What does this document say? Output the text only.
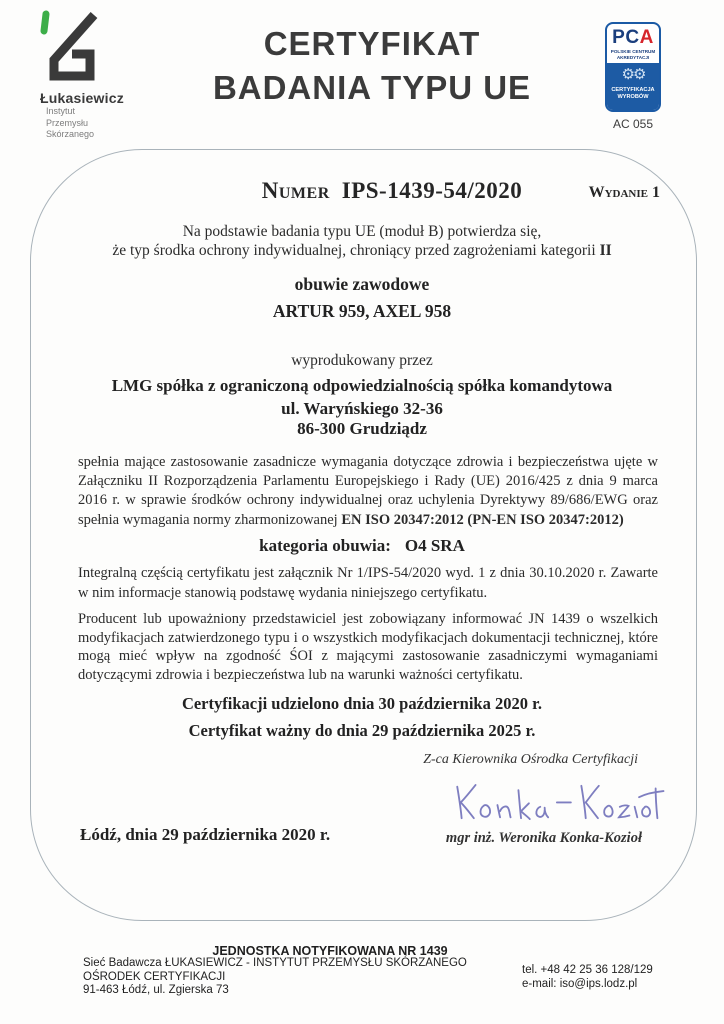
Łukasiewicz
Instytut
Przemysłu
Skórzanego
CERTYFIKAT
BADANIA TYPU UE
PCA
POLSKIE CENTRUM
AKREDYTACJI
⚙⚙
CERTYFIKACJA
WYROBÓW
AC 055
Numer IPS-1439-54/2020	Wydanie 1
Na podstawie badania typu UE (moduł B) potwierdza się,
że typ środka ochrony indywidualnej, chroniący przed zagrożeniami kategorii II
obuwie zawodowe
ARTUR 959, AXEL 958
wyprodukowany przez
LMG spółka z ograniczoną odpowiedzialnością spółka komandytowa
ul. Waryńskiego 32-36
86-300 Grudziądz
spełnia mające zastosowanie zasadnicze wymagania dotyczące zdrowia i bezpieczeństwa ujęte w Załączniku II Rozporządzenia Parlamentu Europejskiego i Rady (UE) 2016/425 z dnia 9 marca 2016 r. w sprawie środków ochrony indywidualnej oraz uchylenia Dyrektywy 89/686/EWG oraz spełnia wymagania normy zharmonizowanej EN ISO 20347:2012 (PN-EN ISO 20347:2012)
kategoria obuwia: O4 SRA
Integralną częścią certyfikatu jest załącznik Nr 1/IPS-54/2020 wyd. 1 z dnia 30.10.2020 r. Zawarte w nim informacje stanowią podstawę wydania niniejszego certyfikatu.
Producent lub upoważniony przedstawiciel jest zobowiązany informować JN 1439 o wszelkich modyfikacjach zatwierdzonego typu i o wszystkich modyfikacjach dokumentacji technicznej, które mogą mieć wpływ na zgodność ŚOI z mającymi zastosowanie zasadniczymi wymaganiami dotyczącymi zdrowia i bezpieczeństwa lub na warunki ważności certyfikatu.
Certyfikacji udzielono dnia 30 października 2020 r.
Certyfikat ważny do dnia 29 października 2025 r.
Z-ca Kierownika Ośrodka Certyfikacji
Łódź, dnia 29 października 2020 r.	mgr inż. Weronika Konka-Kozioł
JEDNOSTKA NOTYFIKOWANA NR 1439
Sieć Badawcza ŁUKASIEWICZ - INSTYTUT PRZEMYSŁU SKÓRZANEGO
OŚRODEK CERTYFIKACJI
91-463 Łódź, ul. Zgierska 73
tel. +48 42 25 36 128/129
e-mail: iso@ips.lodz.pl
